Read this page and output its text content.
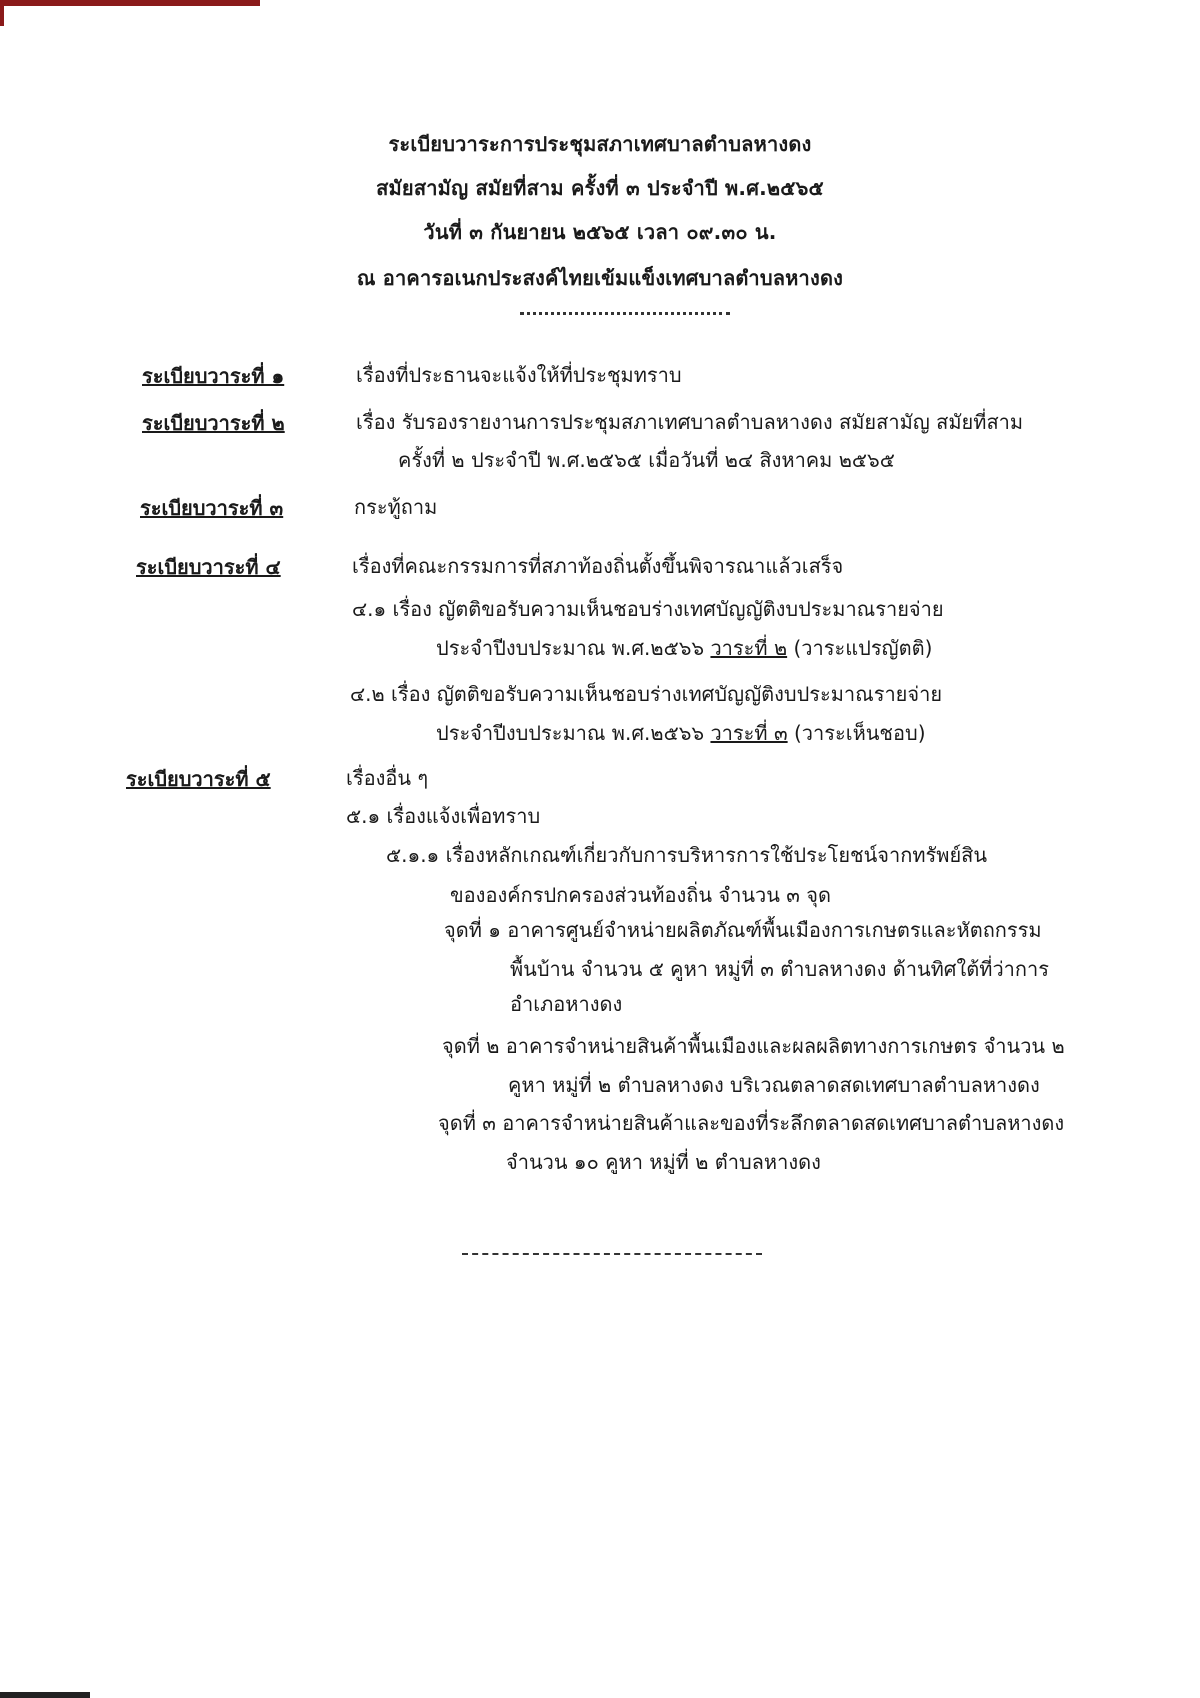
ระเบียบวาระการประชุมสภาเทศบาลตำบลหางดง
สมัยสามัญ สมัยที่สาม ครั้งที่ ๓ ประจำปี พ.ศ.๒๕๖๕
วันที่ ๓ กันยายน ๒๕๖๕ เวลา ๐๙.๓๐ น.
ณ อาคารอเนกประสงค์ไทยเข้มแข็งเทศบาลตำบลหางดง
ระเบียบวาระที่ ๑	เรื่องที่ประธานจะแจ้งให้ที่ประชุมทราบ
ระเบียบวาระที่ ๒	เรื่อง รับรองรายงานการประชุมสภาเทศบาลตำบลหางดง สมัยสามัญ สมัยที่สาม
ครั้งที่ ๒ ประจำปี พ.ศ.๒๕๖๕ เมื่อวันที่ ๒๔ สิงหาคม ๒๕๖๕
ระเบียบวาระที่ ๓	กระทู้ถาม
ระเบียบวาระที่ ๔	เรื่องที่คณะกรรมการที่สภาท้องถิ่นตั้งขึ้นพิจารณาแล้วเสร็จ
๔.๑ เรื่อง ญัตติขอรับความเห็นชอบร่างเทศบัญญัติงบประมาณรายจ่าย
ประจำปีงบประมาณ พ.ศ.๒๕๖๖ วาระที่ ๒ (วาระแปรญัตติ)
๔.๒ เรื่อง ญัตติขอรับความเห็นชอบร่างเทศบัญญัติงบประมาณรายจ่าย
ประจำปีงบประมาณ พ.ศ.๒๕๖๖ วาระที่ ๓ (วาระเห็นชอบ)
ระเบียบวาระที่ ๕	เรื่องอื่น ๆ
๕.๑ เรื่องแจ้งเพื่อทราบ
๕.๑.๑ เรื่องหลักเกณฑ์เกี่ยวกับการบริหารการใช้ประโยชน์จากทรัพย์สิน
ขององค์กรปกครองส่วนท้องถิ่น จำนวน ๓ จุด
จุดที่ ๑ อาคารศูนย์จำหน่ายผลิตภัณฑ์พื้นเมืองการเกษตรและหัตถกรรม
พื้นบ้าน จำนวน ๕ คูหา หมู่ที่ ๓ ตำบลหางดง ด้านทิศใต้ที่ว่าการ
อำเภอหางดง
จุดที่ ๒ อาคารจำหน่ายสินค้าพื้นเมืองและผลผลิตทางการเกษตร จำนวน ๒
คูหา หมู่ที่ ๒ ตำบลหางดง บริเวณตลาดสดเทศบาลตำบลหางดง
จุดที่ ๓ อาคารจำหน่ายสินค้าและของที่ระลึกตลาดสดเทศบาลตำบลหางดง
จำนวน ๑๐ คูหา หมู่ที่ ๒ ตำบลหางดง
